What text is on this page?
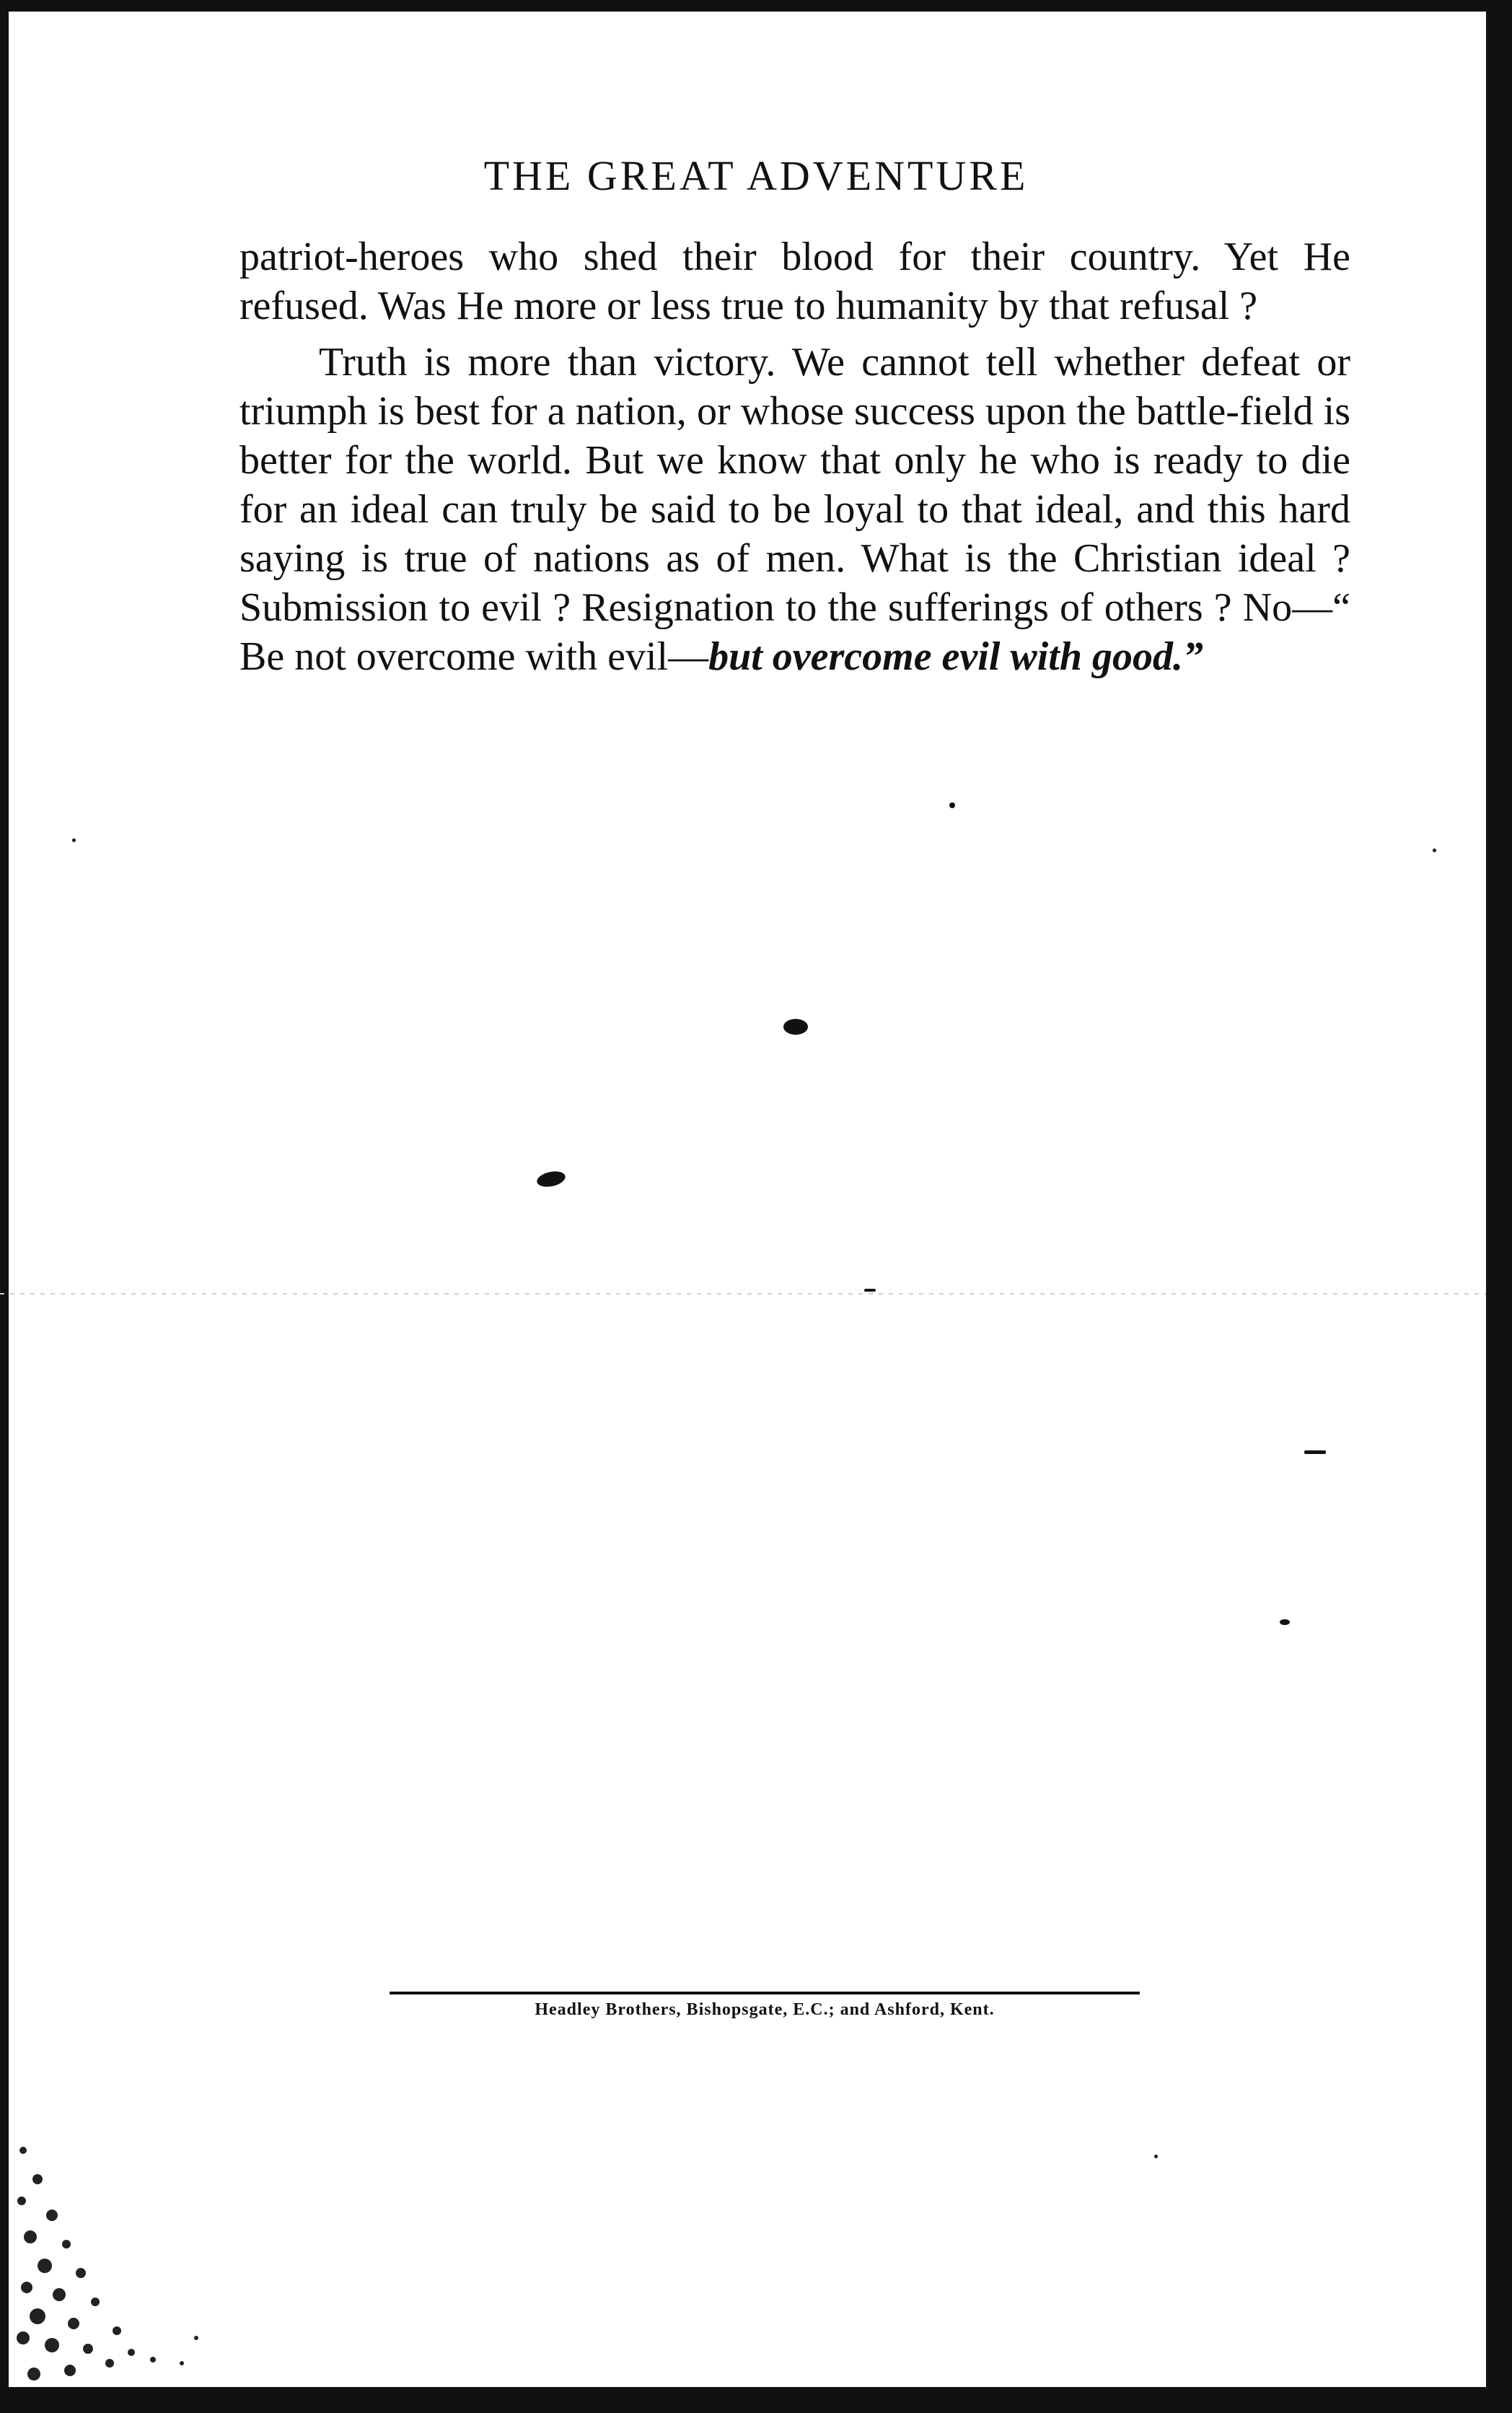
THE GREAT ADVENTURE

patriot-heroes who shed their blood for their country. Yet He refused. Was He more or less true to humanity by that refusal ?

Truth is more than victory. We cannot tell whether defeat or triumph is best for a nation, or whose success upon the battle-field is better for the world. But we know that only he who is ready to die for an ideal can truly be said to be loyal to that ideal, and this hard saying is true of nations as of men. What is the Christian ideal ? Submission to evil ? Resignation to the sufferings of others ? No—“ Be not overcome with evil—but overcome evil with good.”

Headley Brothers, Bishopsgate, E.C.; and Ashford, Kent.
